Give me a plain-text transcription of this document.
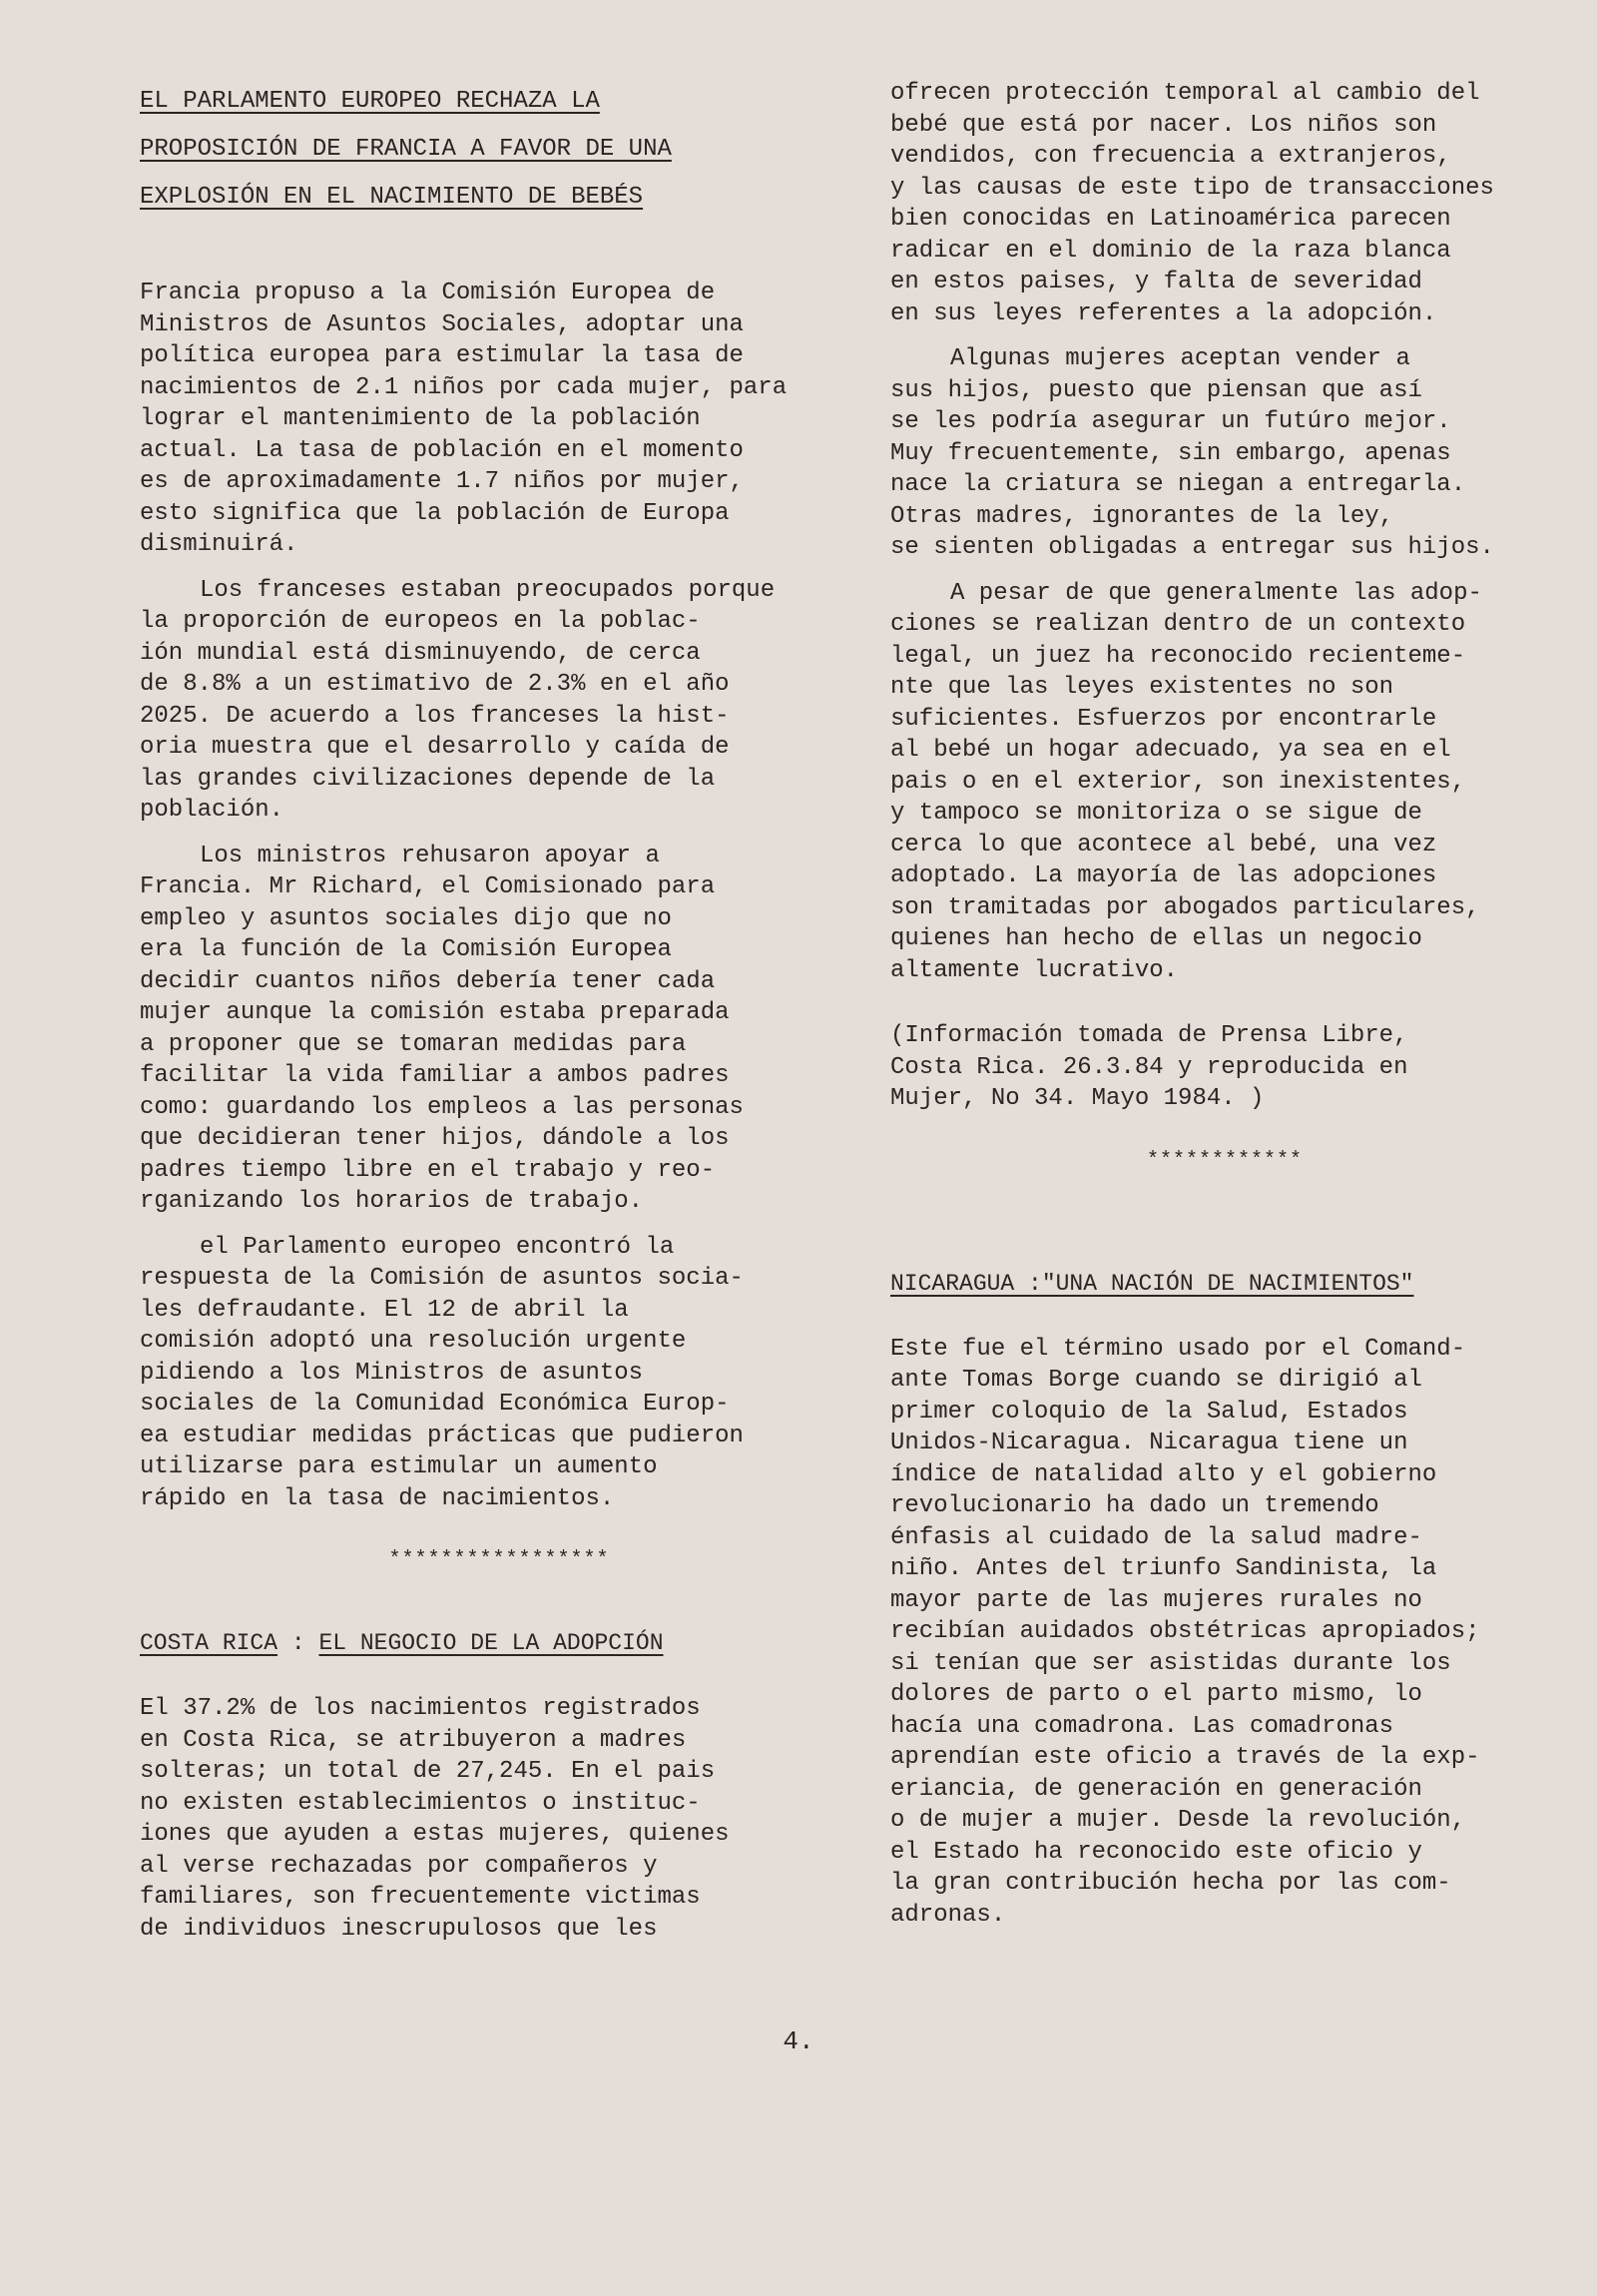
EL PARLAMENTO EUROPEO RECHAZA LA
PROPOSICIÓN DE FRANCIA A FAVOR DE UNA
EXPLOSIÓN EN EL NACIMIENTO DE BEBÉS

Francia propuso a la Comisión Europea de
Ministros de Asuntos Sociales, adoptar una
política europea para estimular la tasa de
nacimientos de 2.1 niños por cada mujer, para
lograr el mantenimiento de la población
actual. La tasa de población en el momento
es de aproximadamente 1.7 niños por mujer,
esto significa que la población de Europa
disminuirá.

Los franceses estaban preocupados porque
la proporción de europeos en la poblac-
ión mundial está disminuyendo, de cerca
de 8.8% a un estimativo de 2.3% en el año
2025. De acuerdo a los franceses la hist-
oria muestra que el desarrollo y caída de
las grandes civilizaciones depende de la
población.

Los ministros rehusaron apoyar a
Francia. Mr Richard, el Comisionado para
empleo y asuntos sociales dijo que no
era la función de la Comisión Europea
decidir cuantos niños debería tener cada
mujer aunque la comisión estaba preparada
a proponer que se tomaran medidas para
facilitar la vida familiar a ambos padres
como: guardando los empleos a las personas
que decidieran tener hijos, dándole a los
padres tiempo libre en el trabajo y reo-
rganizando los horarios de trabajo.

el Parlamento europeo encontró la
respuesta de la Comisión de asuntos socia-
les defraudante. El 12 de abril la
comisión adoptó una resolución urgente
pidiendo a los Ministros de asuntos
sociales de la Comunidad Económica Europ-
ea estudiar medidas prácticas que pudieron
utilizarse para estimular un aumento
rápido en la tasa de nacimientos.

*****************

COSTA RICA : EL NEGOCIO DE LA ADOPCIÓN

El 37.2% de los nacimientos registrados
en Costa Rica, se atribuyeron a madres
solteras; un total de 27,245. En el pais
no existen establecimientos o instituc-
iones que ayuden a estas mujeres, quienes
al verse rechazadas por compañeros y
familiares, son frecuentemente victimas
de individuos inescrupulosos que les

ofrecen protección temporal al cambio del
bebé que está por nacer. Los niños son
vendidos, con frecuencia a extranjeros,
y las causas de este tipo de transacciones
bien conocidas en Latinoamérica parecen
radicar en el dominio de la raza blanca
en estos paises, y falta de severidad
en sus leyes referentes a la adopción.

Algunas mujeres aceptan vender a
sus hijos, puesto que piensan que así
se les podría asegurar un futúro mejor.
Muy frecuentemente, sin embargo, apenas
nace la criatura se niegan a entregarla.
Otras madres, ignorantes de la ley,
se sienten obligadas a entregar sus hijos.

A pesar de que generalmente las adop-
ciones se realizan dentro de un contexto
legal, un juez ha reconocido recienteme-
nte que las leyes existentes no son
suficientes. Esfuerzos por encontrarle
al bebé un hogar adecuado, ya sea en el
pais o en el exterior, son inexistentes,
y tampoco se monitoriza o se sigue de
cerca lo que acontece al bebé, una vez
adoptado. La mayoría de las adopciones
son tramitadas por abogados particulares,
quienes han hecho de ellas un negocio
altamente lucrativo.

(Información tomada de Prensa Libre,
Costa Rica. 26.3.84 y reproducida en
Mujer, No 34. Mayo 1984. )

************

NICARAGUA :"UNA NACIÓN DE NACIMIENTOS"

Este fue el término usado por el Comand-
ante Tomas Borge cuando se dirigió al
primer coloquio de la Salud, Estados
Unidos-Nicaragua. Nicaragua tiene un
índice de natalidad alto y el gobierno
revolucionario ha dado un tremendo
énfasis al cuidado de la salud madre-
niño. Antes del triunfo Sandinista, la
mayor parte de las mujeres rurales no
recibían auidados obstétricas apropiados;
si tenían que ser asistidas durante los
dolores de parto o el parto mismo, lo
hacía una comadrona. Las comadronas
aprendían este oficio a través de la exp-
eriancia, de generación en generación
o de mujer a mujer. Desde la revolución,
el Estado ha reconocido este oficio y
la gran contribución hecha por las com-
adronas.

4.
